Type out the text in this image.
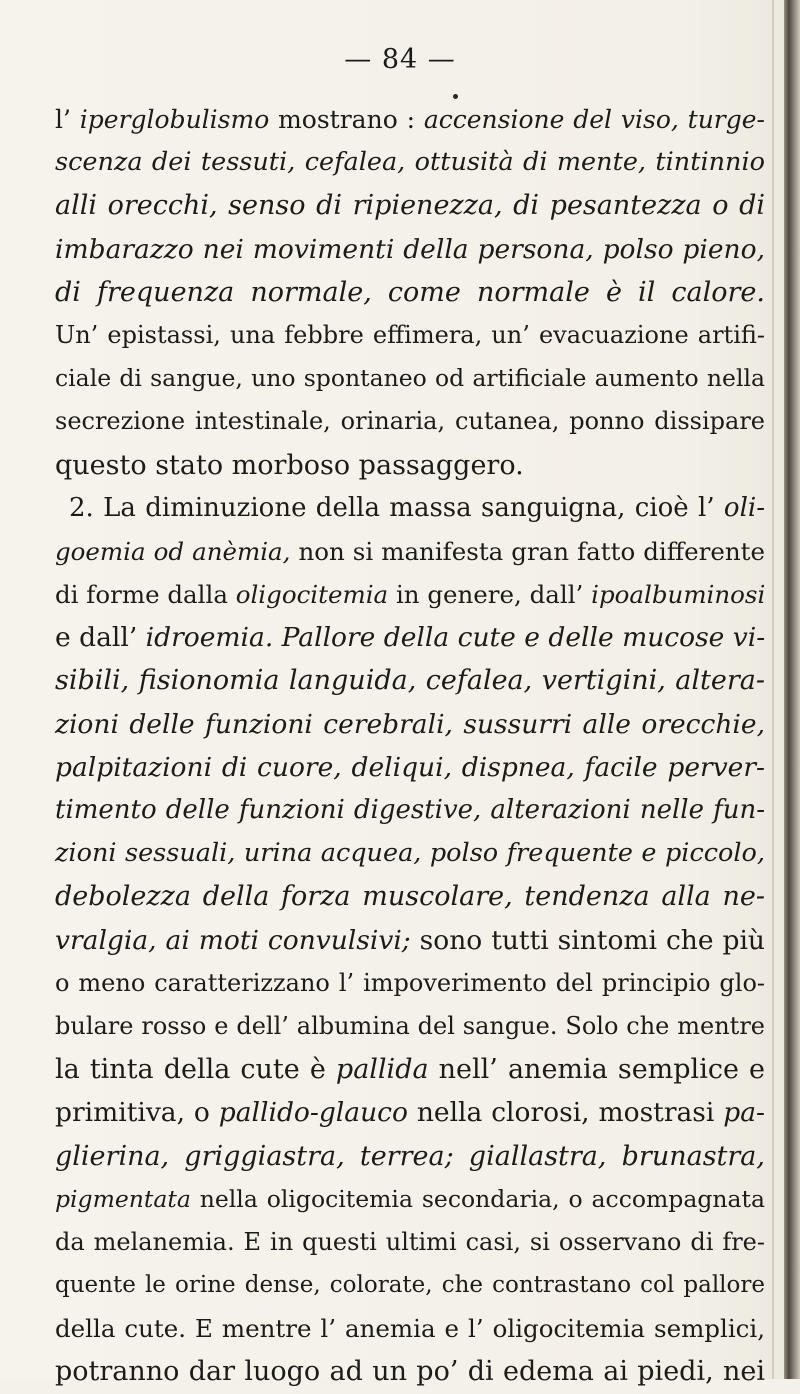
— 84 —
l’ iperglobulismo mostrano : accensione del viso, turge-
scenza dei tessuti, cefalea, ottusità di mente, tintinnio
alli orecchi, senso di ripienezza, di pesantezza o di
imbarazzo nei movimenti della persona, polso pieno,
di frequenza normale, come normale è il calore.
Un’ epistassi, una febbre effimera, un’ evacuazione artifi-
ciale di sangue, uno spontaneo od artificiale aumento nella
secrezione intestinale, orinaria, cutanea, ponno dissipare
questo stato morboso passaggero.
2. La diminuzione della massa sanguigna, cioè l’ oli-
goemia od anèmia, non si manifesta gran fatto differente
di forme dalla oligocitemia in genere, dall’ ipoalbuminosi
e dall’ idroemia. Pallore della cute e delle mucose vi-
sibili, fisionomia languida, cefalea, vertigini, altera-
zioni delle funzioni cerebrali, sussurri alle orecchie,
palpitazioni di cuore, deliqui, dispnea, facile perver-
timento delle funzioni digestive, alterazioni nelle fun-
zioni sessuali, urina acquea, polso frequente e piccolo,
debolezza della forza muscolare, tendenza alla ne-
vralgia, ai moti convulsivi; sono tutti sintomi che più
o meno caratterizzano l’ impoverimento del principio glo-
bulare rosso e dell’ albumina del sangue. Solo che mentre
la tinta della cute è pallida nell’ anemia semplice e
primitiva, o pallido-glauco nella clorosi, mostrasi pa-
glierina, griggiastra, terrea; giallastra, brunastra,
pigmentata nella oligocitemia secondaria, o accompagnata
da melanemia. E in questi ultimi casi, si osservano di fre-
quente le orine dense, colorate, che contrastano col pallore
della cute. E mentre l’ anemia e l’ oligocitemia semplici,
potranno dar luogo ad un po’ di edema ai piedi, nei
